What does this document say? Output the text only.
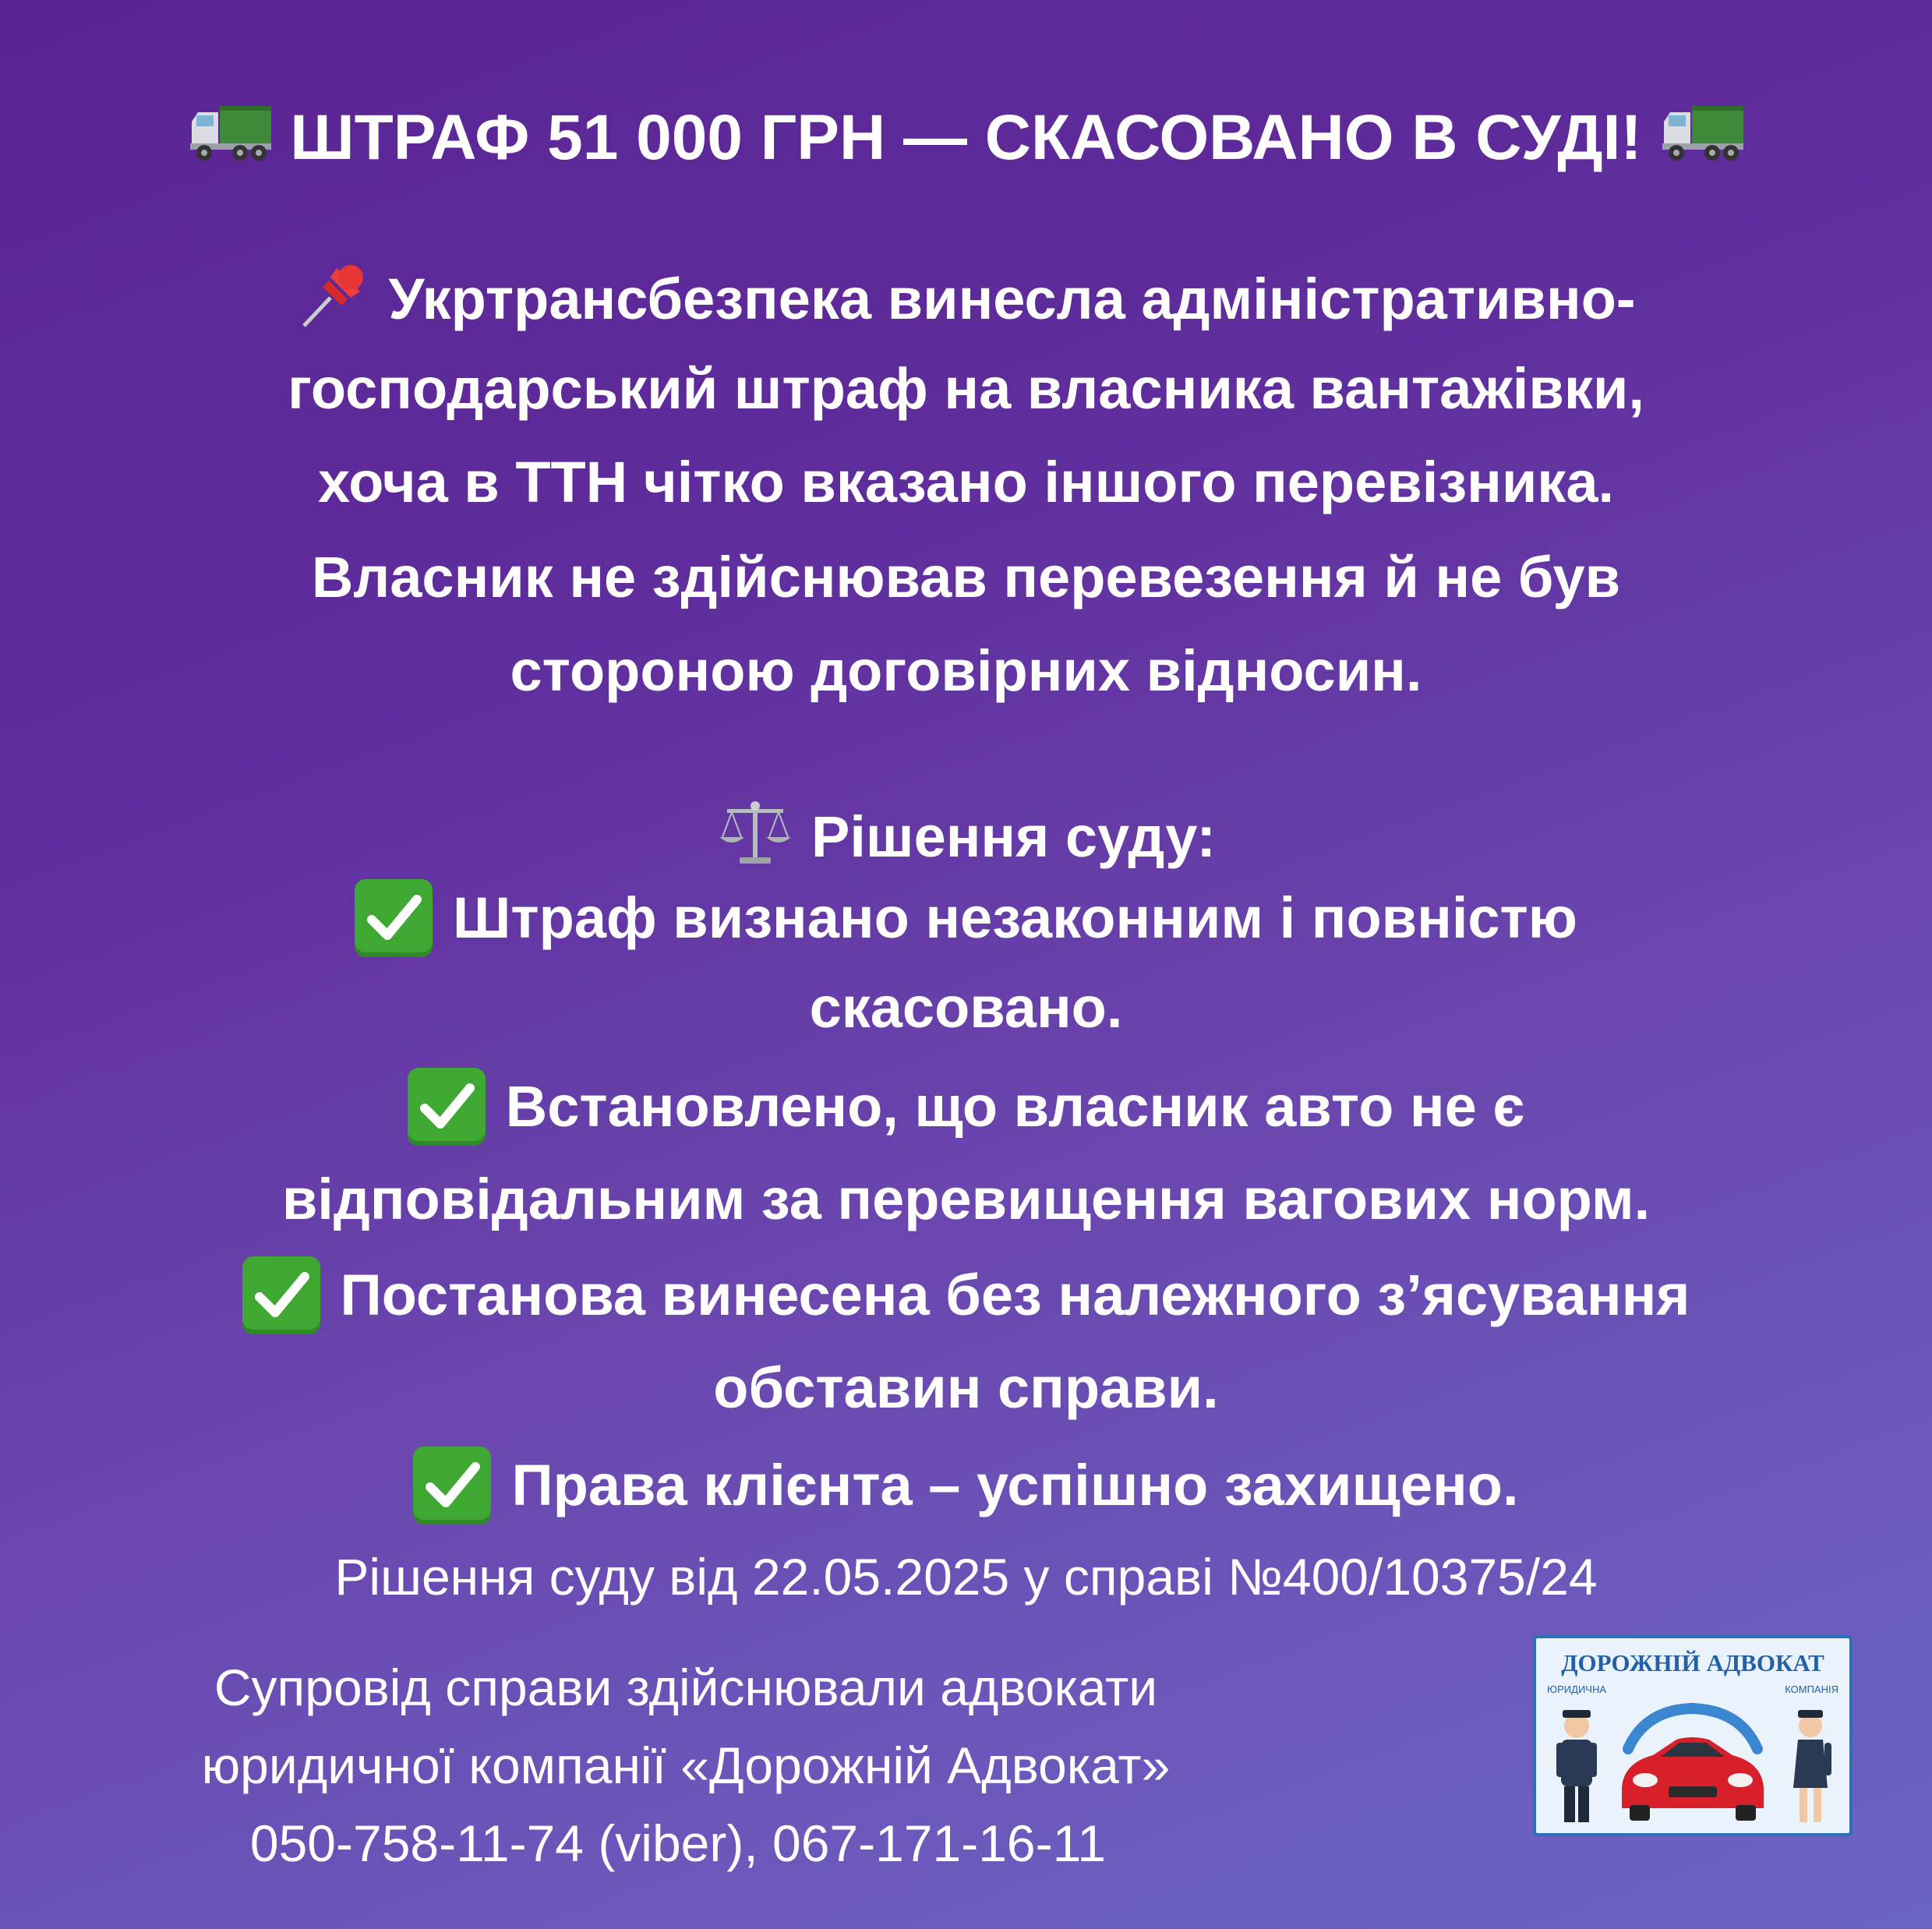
ШТРАФ 51 000 ГРН — СКАСОВАНО В СУДІ!
Укртрансбезпека винесла адміністративно-
господарський штраф на власника вантажівки,
хоча в ТТН чітко вказано іншого перевізника.
Власник не здійснював перевезення й не був
стороною договірних відносин.
Рішення суду:
Штраф визнано незаконним і повністю
скасовано.
Встановлено, що власник авто не є
відповідальним за перевищення вагових норм.
Постанова винесена без належного з’ясування
обставин справи.
Права клієнта – успішно захищено.
Рішення суду від 22.05.2025 у справі №400/10375/24
Супровід справи здійснювали адвокати
юридичної компанії «Дорожній Адвокат»
050-758-11-74 (viber), 067-171-16-11
ДОРОЖНІЙ АДВОКАТ
ЮРИДИЧНА	КОМПАНІЯ
